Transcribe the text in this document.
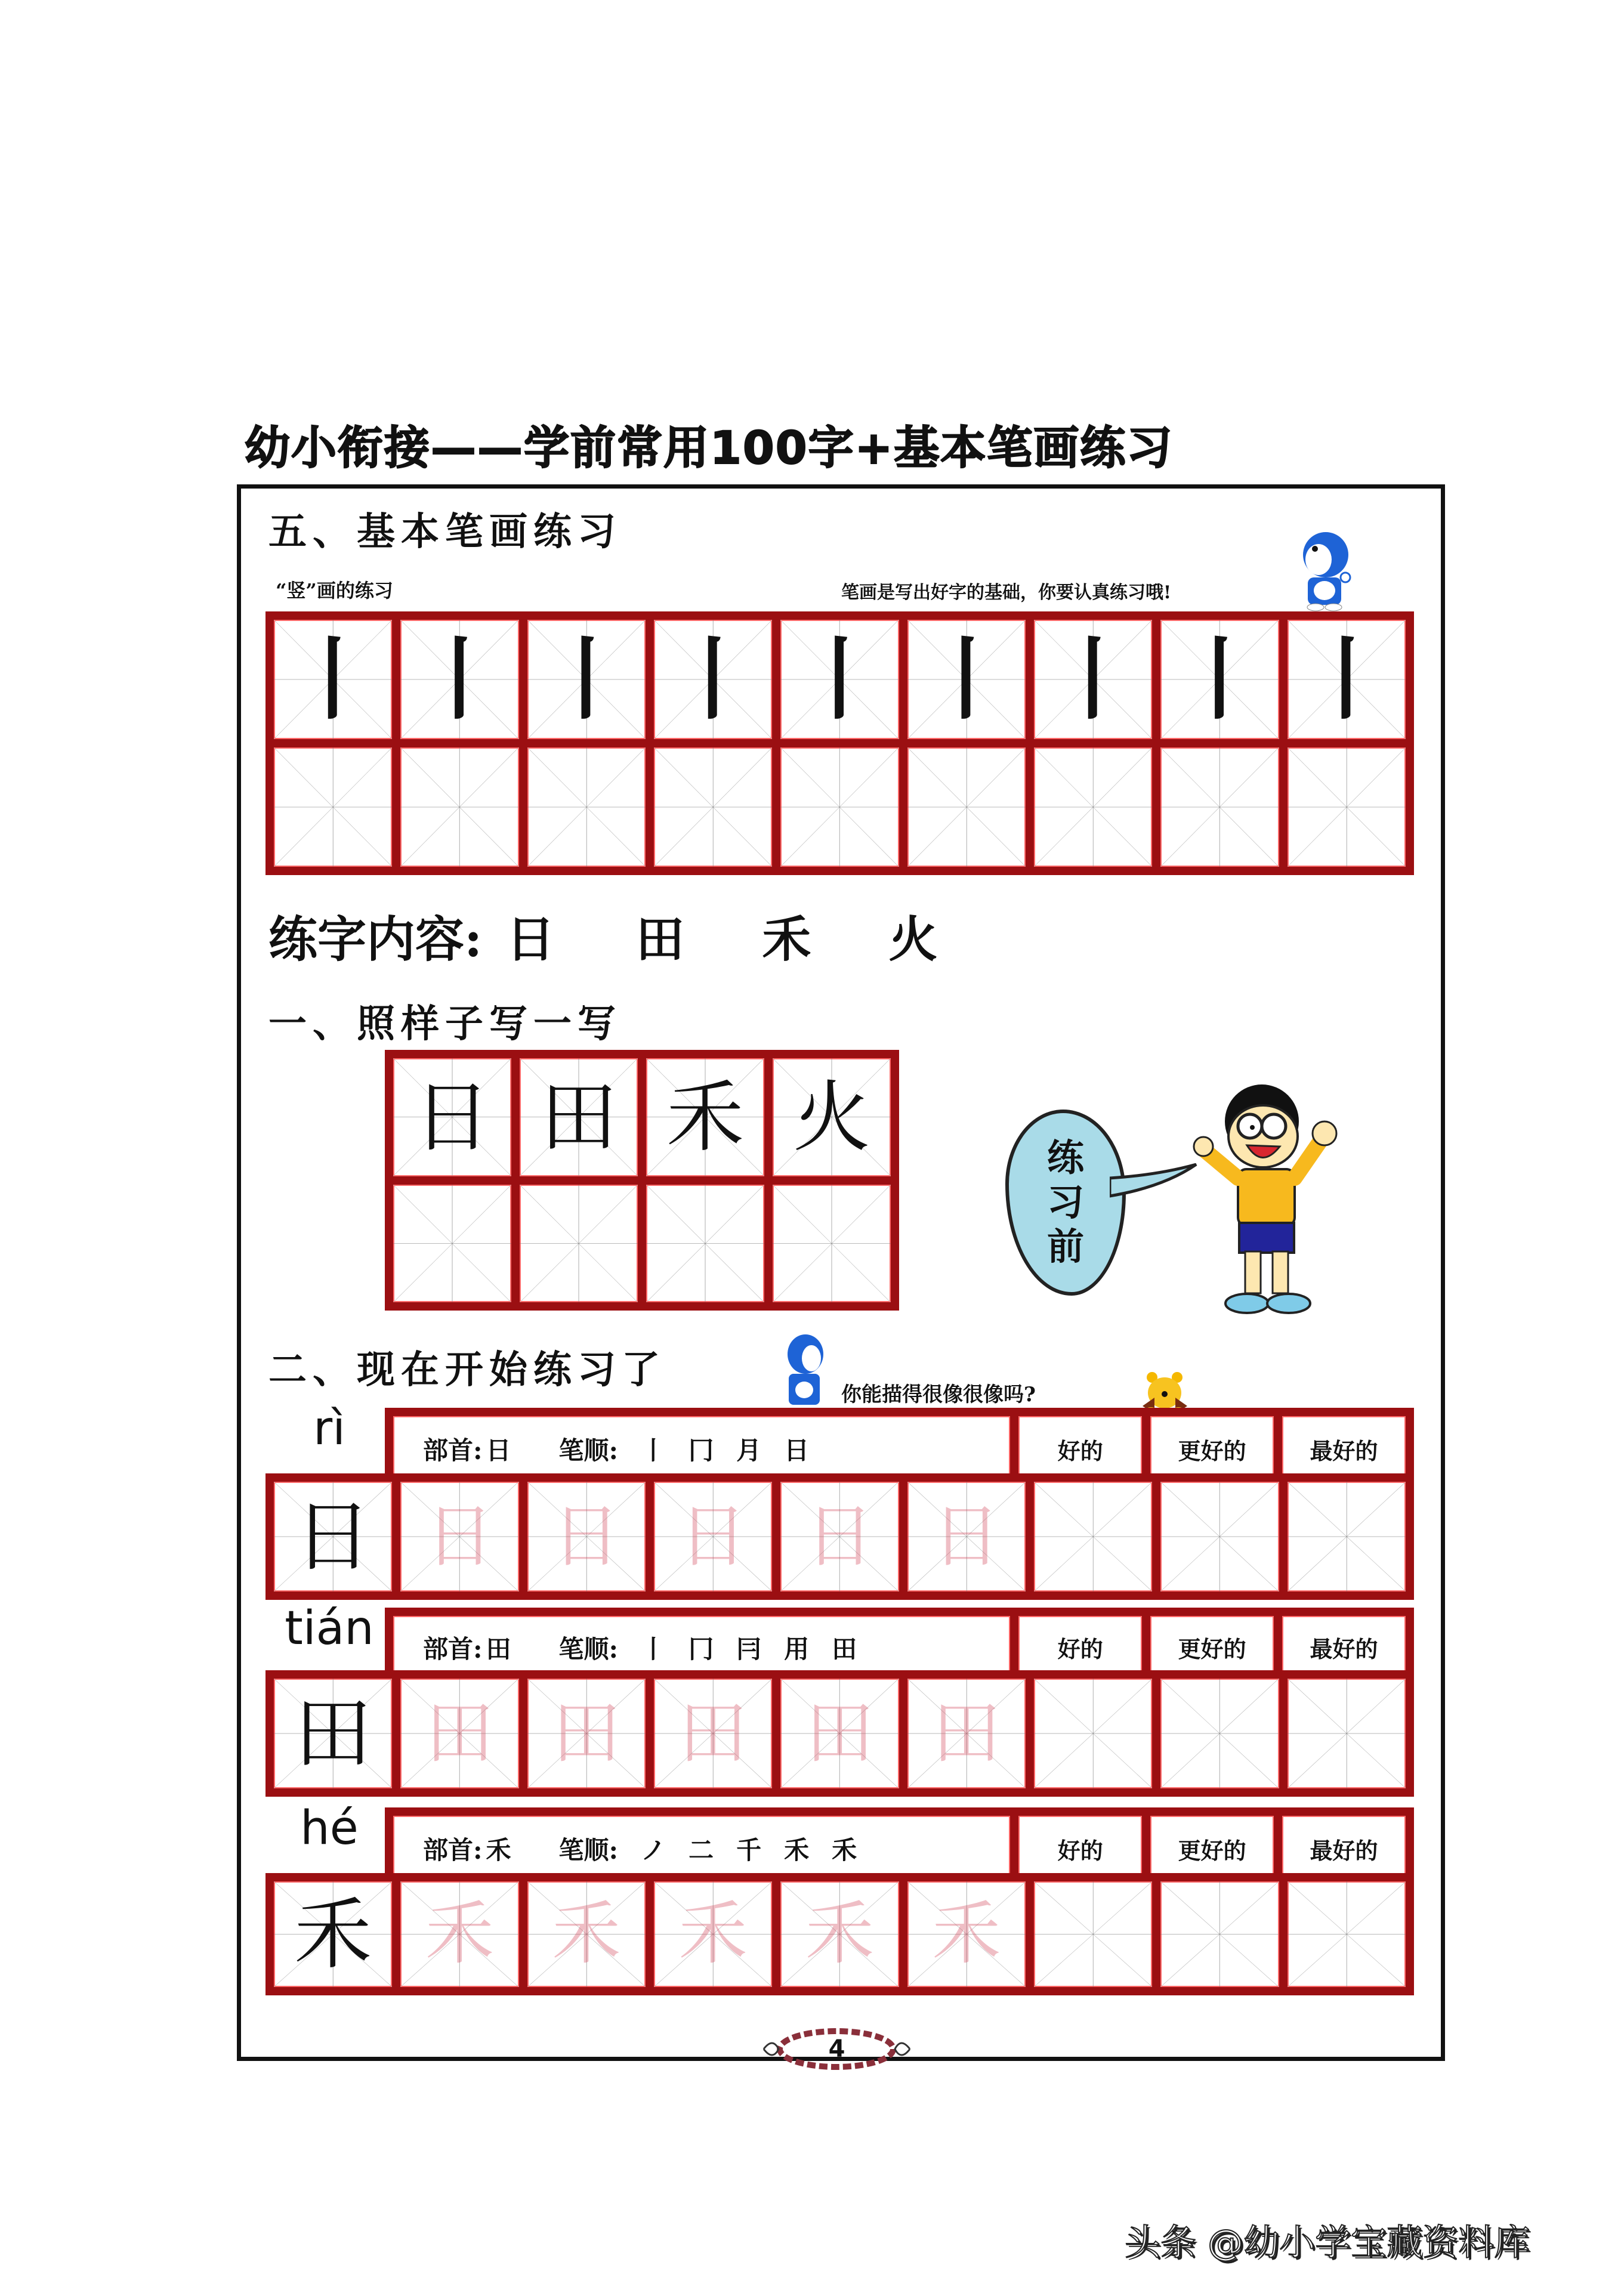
幼小衔接——学前常用100字+基本笔画练习
五、基本笔画练习
“竖”画的练习	笔画是写出好字的基础，你要认真练习哦!
丨 丨 丨 丨 丨 丨 丨 丨 丨
练字内容: 日 田 禾 火
一、照样子写一写
日 田 禾 火	练
习
前
二、现在开始练习了
你能描得很像很像吗?
rì	部首: 日 笔顺: 丨 冂 月 日	好的	更好的	最好的
日 日 日 日 日 日
tián	部首: 田 笔顺: 丨 冂 冃 用 田	好的	更好的	最好的
田 田 田 田 田 田
hé	部首: 禾 笔顺: ノ 二 千 禾 禾	好的	更好的	最好的
禾 禾 禾 禾 禾 禾
4
头条 @幼小学宝藏资料库
